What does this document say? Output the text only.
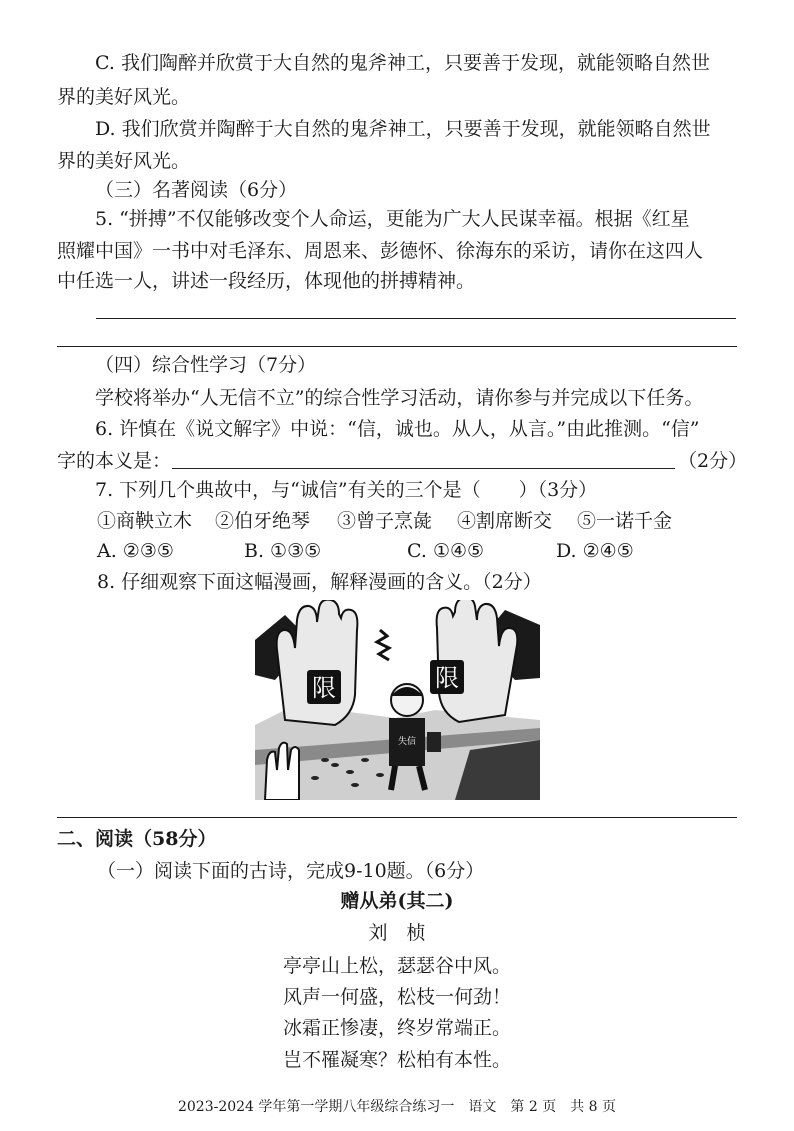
C. 我们陶醉并欣赏于大自然的鬼斧神工，只要善于发现，就能领略自然世
界的美好风光。
D. 我们欣赏并陶醉于大自然的鬼斧神工，只要善于发现，就能领略自然世
界的美好风光。
（三）名著阅读（6分）
5. “拼搏”不仅能够改变个人命运，更能为广大人民谋幸福。根据《红星
照耀中国》一书中对毛泽东、周恩来、彭德怀、徐海东的采访，请你在这四人
中任选一人，讲述一段经历，体现他的拼搏精神。
（四）综合性学习（7分）
学校将举办“人无信不立”的综合性学习活动，请你参与并完成以下任务。
6. 许慎在《说文解字》中说：“信，诚也。从人，从言。”由此推测。“信”
字的本义是：	（2分）
7. 下列几个典故中，与“诚信”有关的三个是（　　）（3分）
①商鞅立木 ②伯牙绝琴 ③曾子烹彘 ④割席断交 ⑤一诺千金
A. ②③⑤	B. ①③⑤	C. ①④⑤	D. ②④⑤
8. 仔细观察下面这幅漫画，解释漫画的含义。（2分）
限	限
失信
二、阅读（58分）
（一）阅读下面的古诗，完成9-10题。（6分）
赠从弟(其二)
刘　桢
亭亭山上松，瑟瑟谷中风。
风声一何盛，松枝一何劲！
冰霜正惨凄，终岁常端正。
岂不罹凝寒？松柏有本性。
2023-2024 学年第一学期八年级综合练习一　语文　第 2 页　共 8 页
